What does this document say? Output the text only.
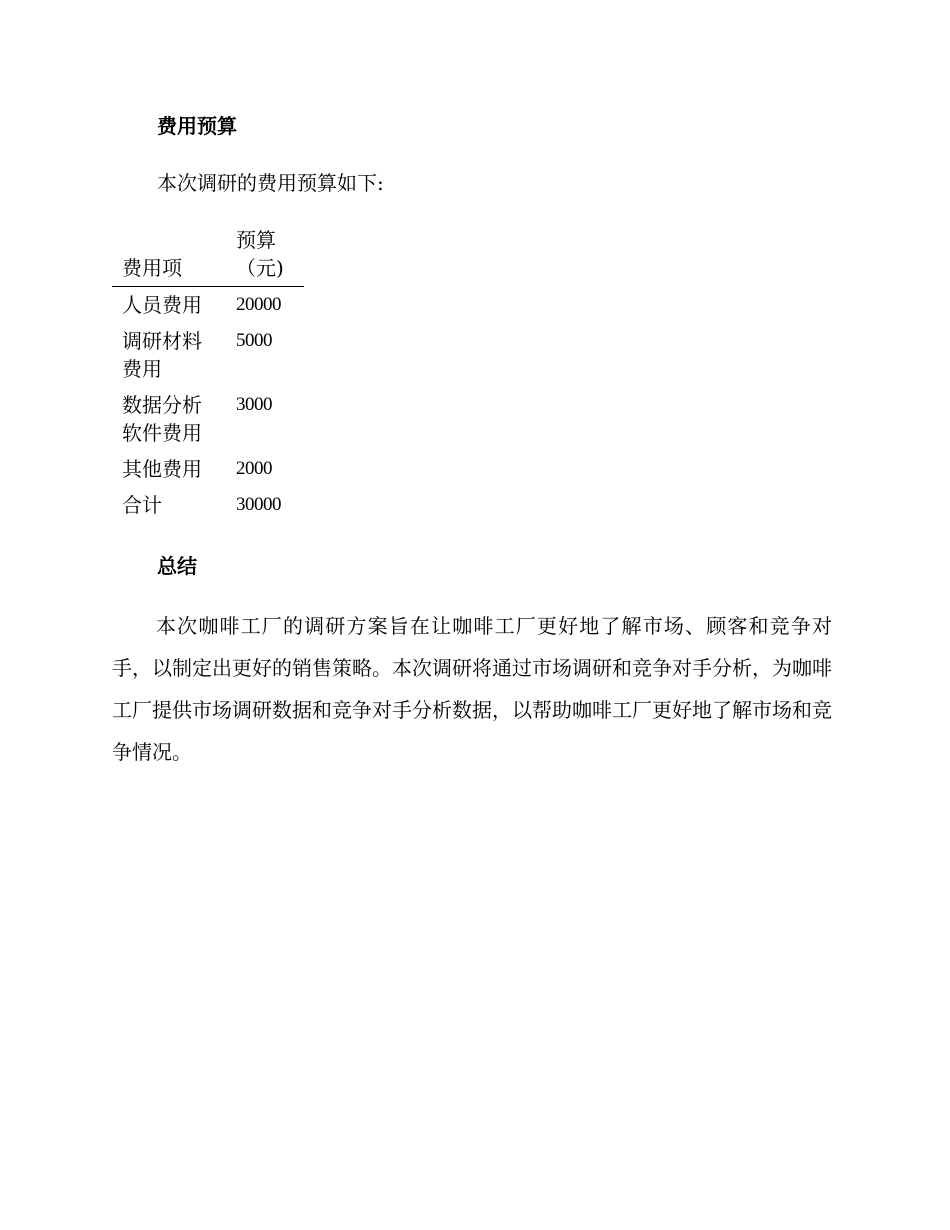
费用预算

本次调研的费用预算如下:

费用项	预算（元)
人员费用	20000
调研材料费用	5000
数据分析软件费用	3000
其他费用	2000
合计	30000
总结

本次咖啡工厂的调研方案旨在让咖啡工厂更好地了解市场、顾客和竞争对手，以制定出更好的销售策略。本次调研将通过市场调研和竞争对手分析，为咖啡工厂提供市场调研数据和竞争对手分析数据，以帮助咖啡工厂更好地了解市场和竞争情况。
